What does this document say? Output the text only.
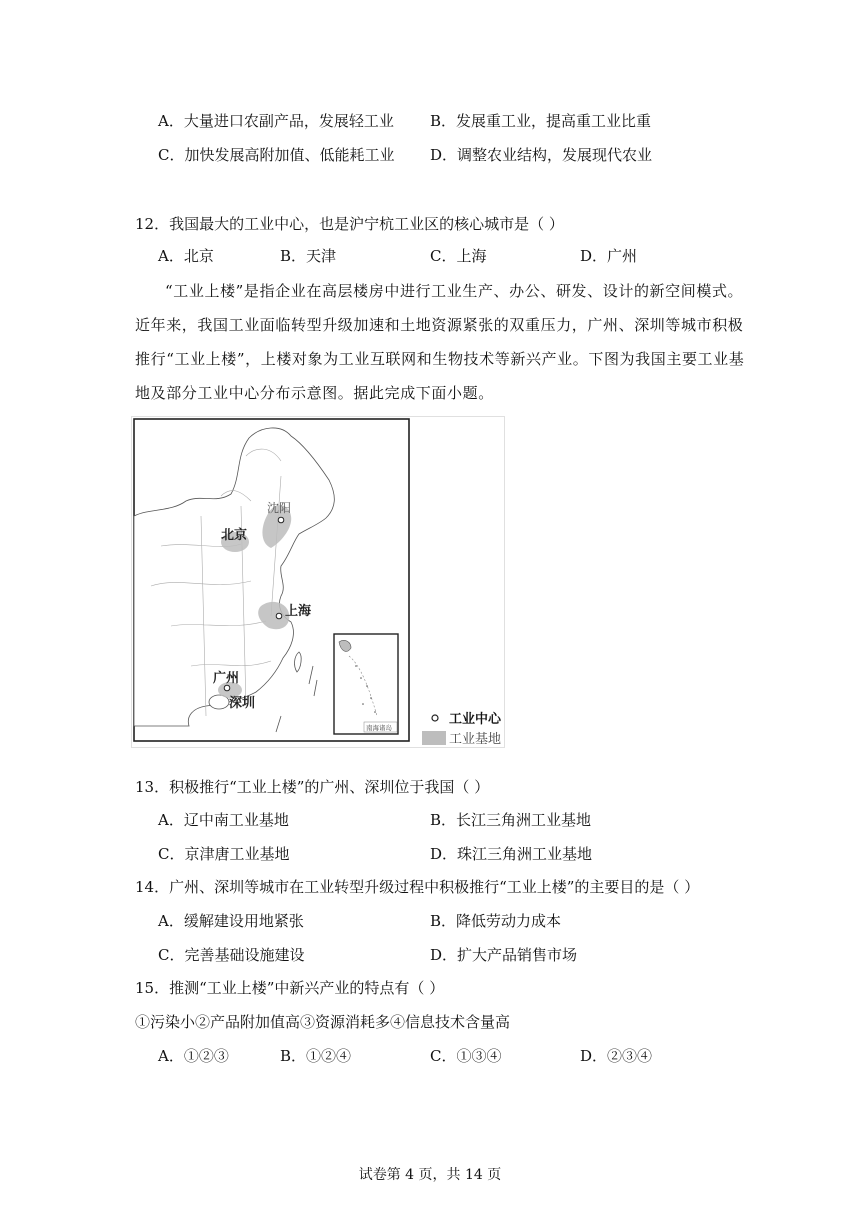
A．大量进口农副产品，发展轻工业 B．发展重工业，提高重工业比重
C．加快发展高附加值、低能耗工业 D．调整农业结构，发展现代农业
12．我国最大的工业中心，也是沪宁杭工业区的核心城市是（ ）
A．北京	B．天津	C．上海	D．广州
“工业上楼”是指企业在高层楼房中进行工业生产、办公、研发、设计的新空间模式。近年来，我国工业面临转型升级加速和土地资源紧张的双重压力，广州、深圳等城市积极推行“工业上楼”，上楼对象为工业互联网和生物技术等新兴产业。下图为我国主要工业基地及部分工业中心分布示意图。据此完成下面小题。
沈阳
北京
上海
广州
深圳
南海诸岛
工业中心
工业基地
13．积极推行“工业上楼”的广州、深圳位于我国（ ）
A．辽中南工业基地	B．长江三角洲工业基地
C．京津唐工业基地	D．珠江三角洲工业基地
14．广州、深圳等城市在工业转型升级过程中积极推行“工业上楼”的主要目的是（ ）
A．缓解建设用地紧张	B．降低劳动力成本
C．完善基础设施建设	D．扩大产品销售市场
15．推测“工业上楼”中新兴产业的特点有（ ）
①污染小②产品附加值高③资源消耗多④信息技术含量高
A．①②③	B．①②④	C．①③④	D．②③④
试卷第 4 页，共 14 页
